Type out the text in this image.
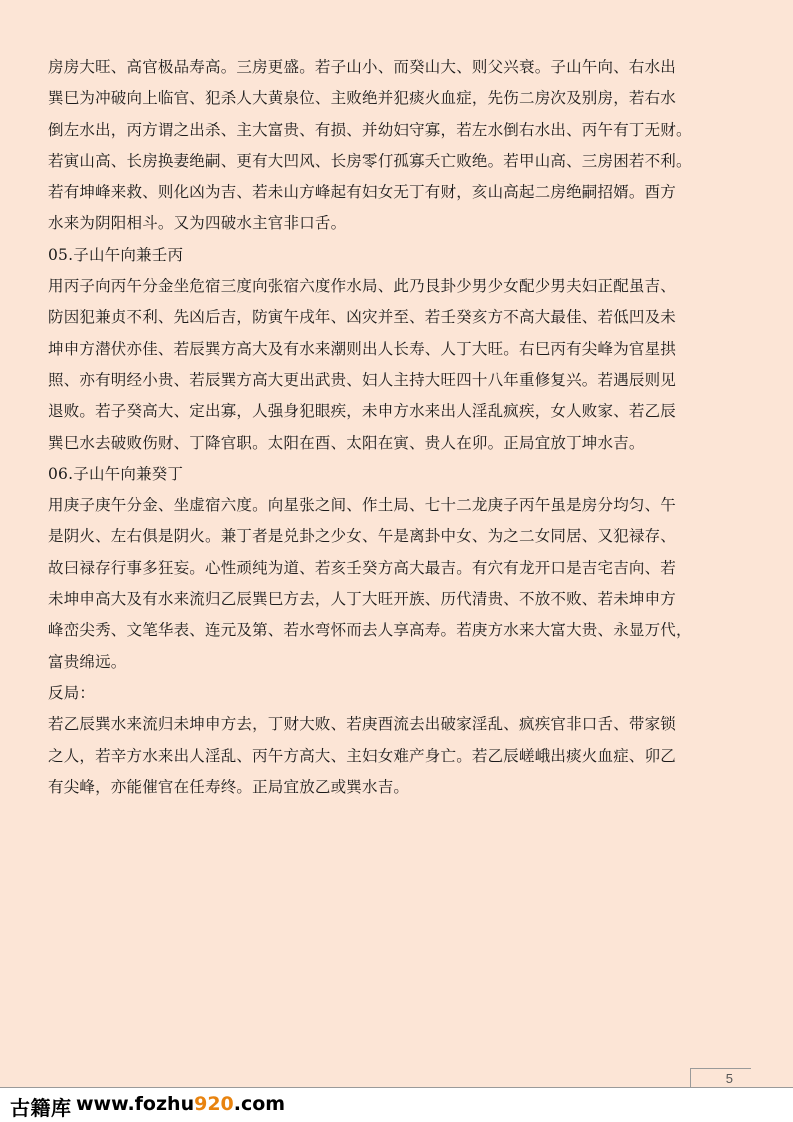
房房大旺、高官极品寿高。三房更盛。若子山小、而癸山大、则父兴衰。子山午向、右水出
巽巳为冲破向上临官、犯杀人大黄泉位、主败绝并犯痰火血症，先伤二房次及别房，若右水
倒左水出，丙方谓之出杀、主大富贵、有损、并幼妇守寡，若左水倒右水出、丙午有丁无财。
若寅山高、长房换妻绝嗣、更有大凹风、长房零仃孤寡夭亡败绝。若甲山高、三房困若不利。
若有坤峰来救、则化凶为吉、若未山方峰起有妇女无丁有财，亥山高起二房绝嗣招婿。酉方
水来为阴阳相斗。又为四破水主官非口舌。
05.子山午向兼壬丙
用丙子向丙午分金坐危宿三度向张宿六度作水局、此乃艮卦少男少女配少男夫妇正配虽吉、
防因犯兼贞不利、先凶后吉，防寅午戌年、凶灾并至、若壬癸亥方不高大最佳、若低凹及未
坤申方潜伏亦佳、若辰巽方高大及有水来潮则出人长寿、人丁大旺。右巳丙有尖峰为官星拱
照、亦有明经小贵、若辰巽方高大更出武贵、妇人主持大旺四十八年重修复兴。若遇辰则见
退败。若子癸高大、定出寡，人强身犯眼疾，未申方水来出人淫乱疯疾，女人败家、若乙辰
巽巳水去破败伤财、丁降官职。太阳在酉、太阳在寅、贵人在卯。正局宜放丁坤水吉。
06.子山午向兼癸丁
用庚子庚午分金、坐虚宿六度。向星张之间、作土局、七十二龙庚子丙午虽是房分均匀、午
是阴火、左右俱是阴火。兼丁者是兑卦之少女、午是离卦中女、为之二女同居、又犯禄存、
故曰禄存行事多狂妄。心性顽纯为道、若亥壬癸方高大最吉。有穴有龙开口是吉宅吉向、若
未坤申高大及有水来流归乙辰巽巳方去，人丁大旺开族、历代清贵、不放不败、若未坤申方
峰峦尖秀、文笔华表、连元及第、若水弯怀而去人享高寿。若庚方水来大富大贵、永显万代，
富贵绵远。
反局：
若乙辰巽水来流归未坤申方去，丁财大败、若庚酉流去出破家淫乱、疯疾官非口舌、带家锁
之人，若辛方水来出人淫乱、丙午方高大、主妇女难产身亡。若乙辰嵯峨出痰火血症、卯乙
有尖峰，亦能催官在任寿终。正局宜放乙或巽水吉。
5
古籍库 www.fozhu920.com
